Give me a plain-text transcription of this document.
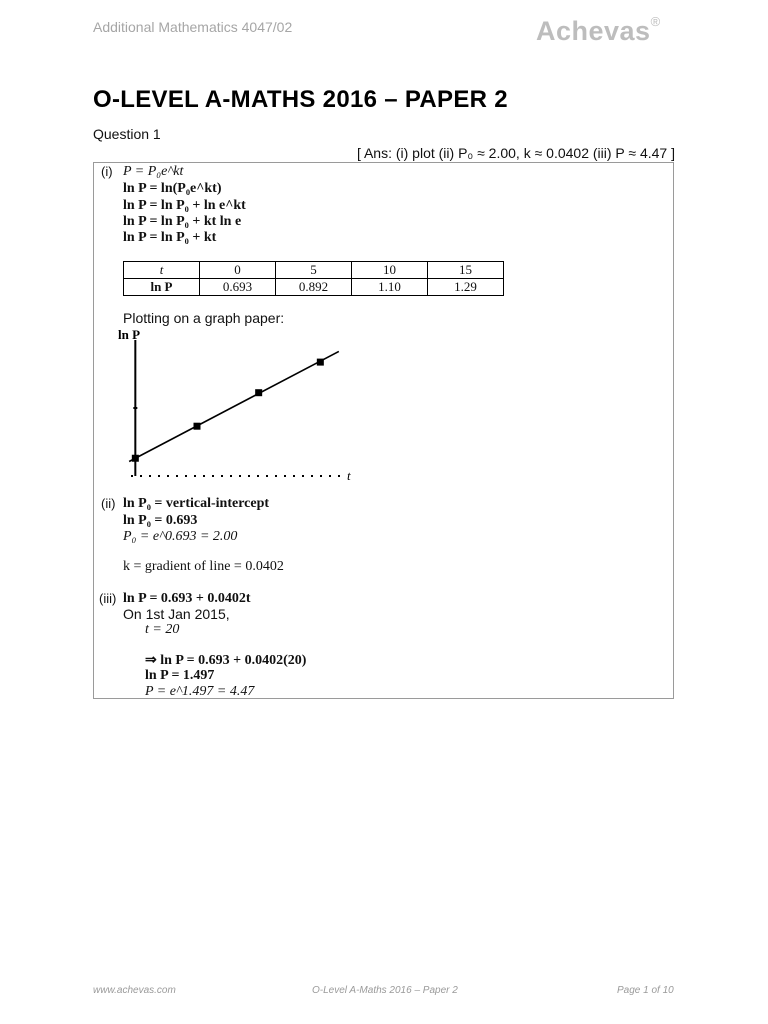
Additional Mathematics 4047/02	Achevas®
O-LEVEL A-MATHS 2016 – PAPER 2
Question 1
[ Ans: (i) plot (ii) P₀ ≈ 2.00, k ≈ 0.0402 (iii) P ≈ 4.47 ]
(i) P = P₀e^kt
ln P = ln(P₀e^kt)
ln P = ln P₀ + ln e^kt
ln P = ln P₀ + kt ln e
ln P = ln P₀ + kt
t	0	5	10	15
ln P	0.693	0.892	1.10	1.29
Plotting on a graph paper:
ln P
t
(ii) ln P₀ = vertical-intercept
ln P₀ = 0.693
P₀ = e^0.693 = 2.00
k = gradient of line = 0.0402
(iii) ln P = 0.693 + 0.0402t
On 1st Jan 2015,
t = 20
⇒ ln P = 0.693 + 0.0402(20)
ln P = 1.497
P = e^1.497 = 4.47
www.achevas.com	O-Level A-Maths 2016 – Paper 2	Page 1 of 10
